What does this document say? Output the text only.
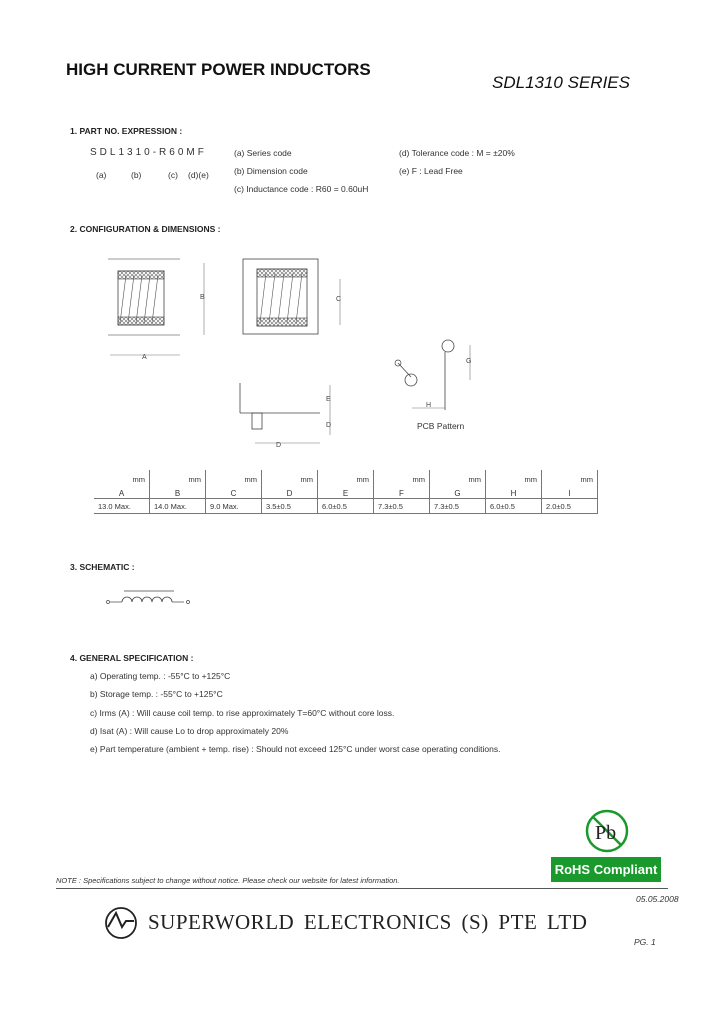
HIGH CURRENT POWER INDUCTORS
SDL1310 SERIES
1. PART NO. EXPRESSION :
SDL1310-R60MF
(a)	(b)	(c) (d)(e)
(a) Series code
(b) Dimension code
(c) Inductance code : R60 = 0.60uH
(d) Tolerance code : M = ±20%
(e) F : Lead Free
2. CONFIGURATION & DIMENSIONS :
B
A
C
E
D
D
G
H
PCB Pattern
mm	mm	mm	mm	mm	mm	mm	mm	mm
A	B	C	D	E	F	G	H	I
13.0 Max.	14.0 Max.	9.0 Max.	3.5±0.5	6.0±0.5	7.3±0.5	7.3±0.5	6.0±0.5	2.0±0.5
3. SCHEMATIC :
4. GENERAL SPECIFICATION :
a) Operating temp. : -55°C to +125°C
b) Storage temp. : -55°C to +125°C
c) Irms (A) : Will cause coil temp. to rise approximately T=60°C without core loss.
d) Isat (A) : Will cause Lo to drop approximately 20%
e) Part temperature (ambient + temp. rise) : Should not exceed 125°C under worst case operating conditions.
Pb
RoHS Compliant
NOTE : Specifications subject to change without notice. Please check our website for latest information.
05.05.2008
SUPERWORLD ELECTRONICS (S) PTE LTD
PG. 1
